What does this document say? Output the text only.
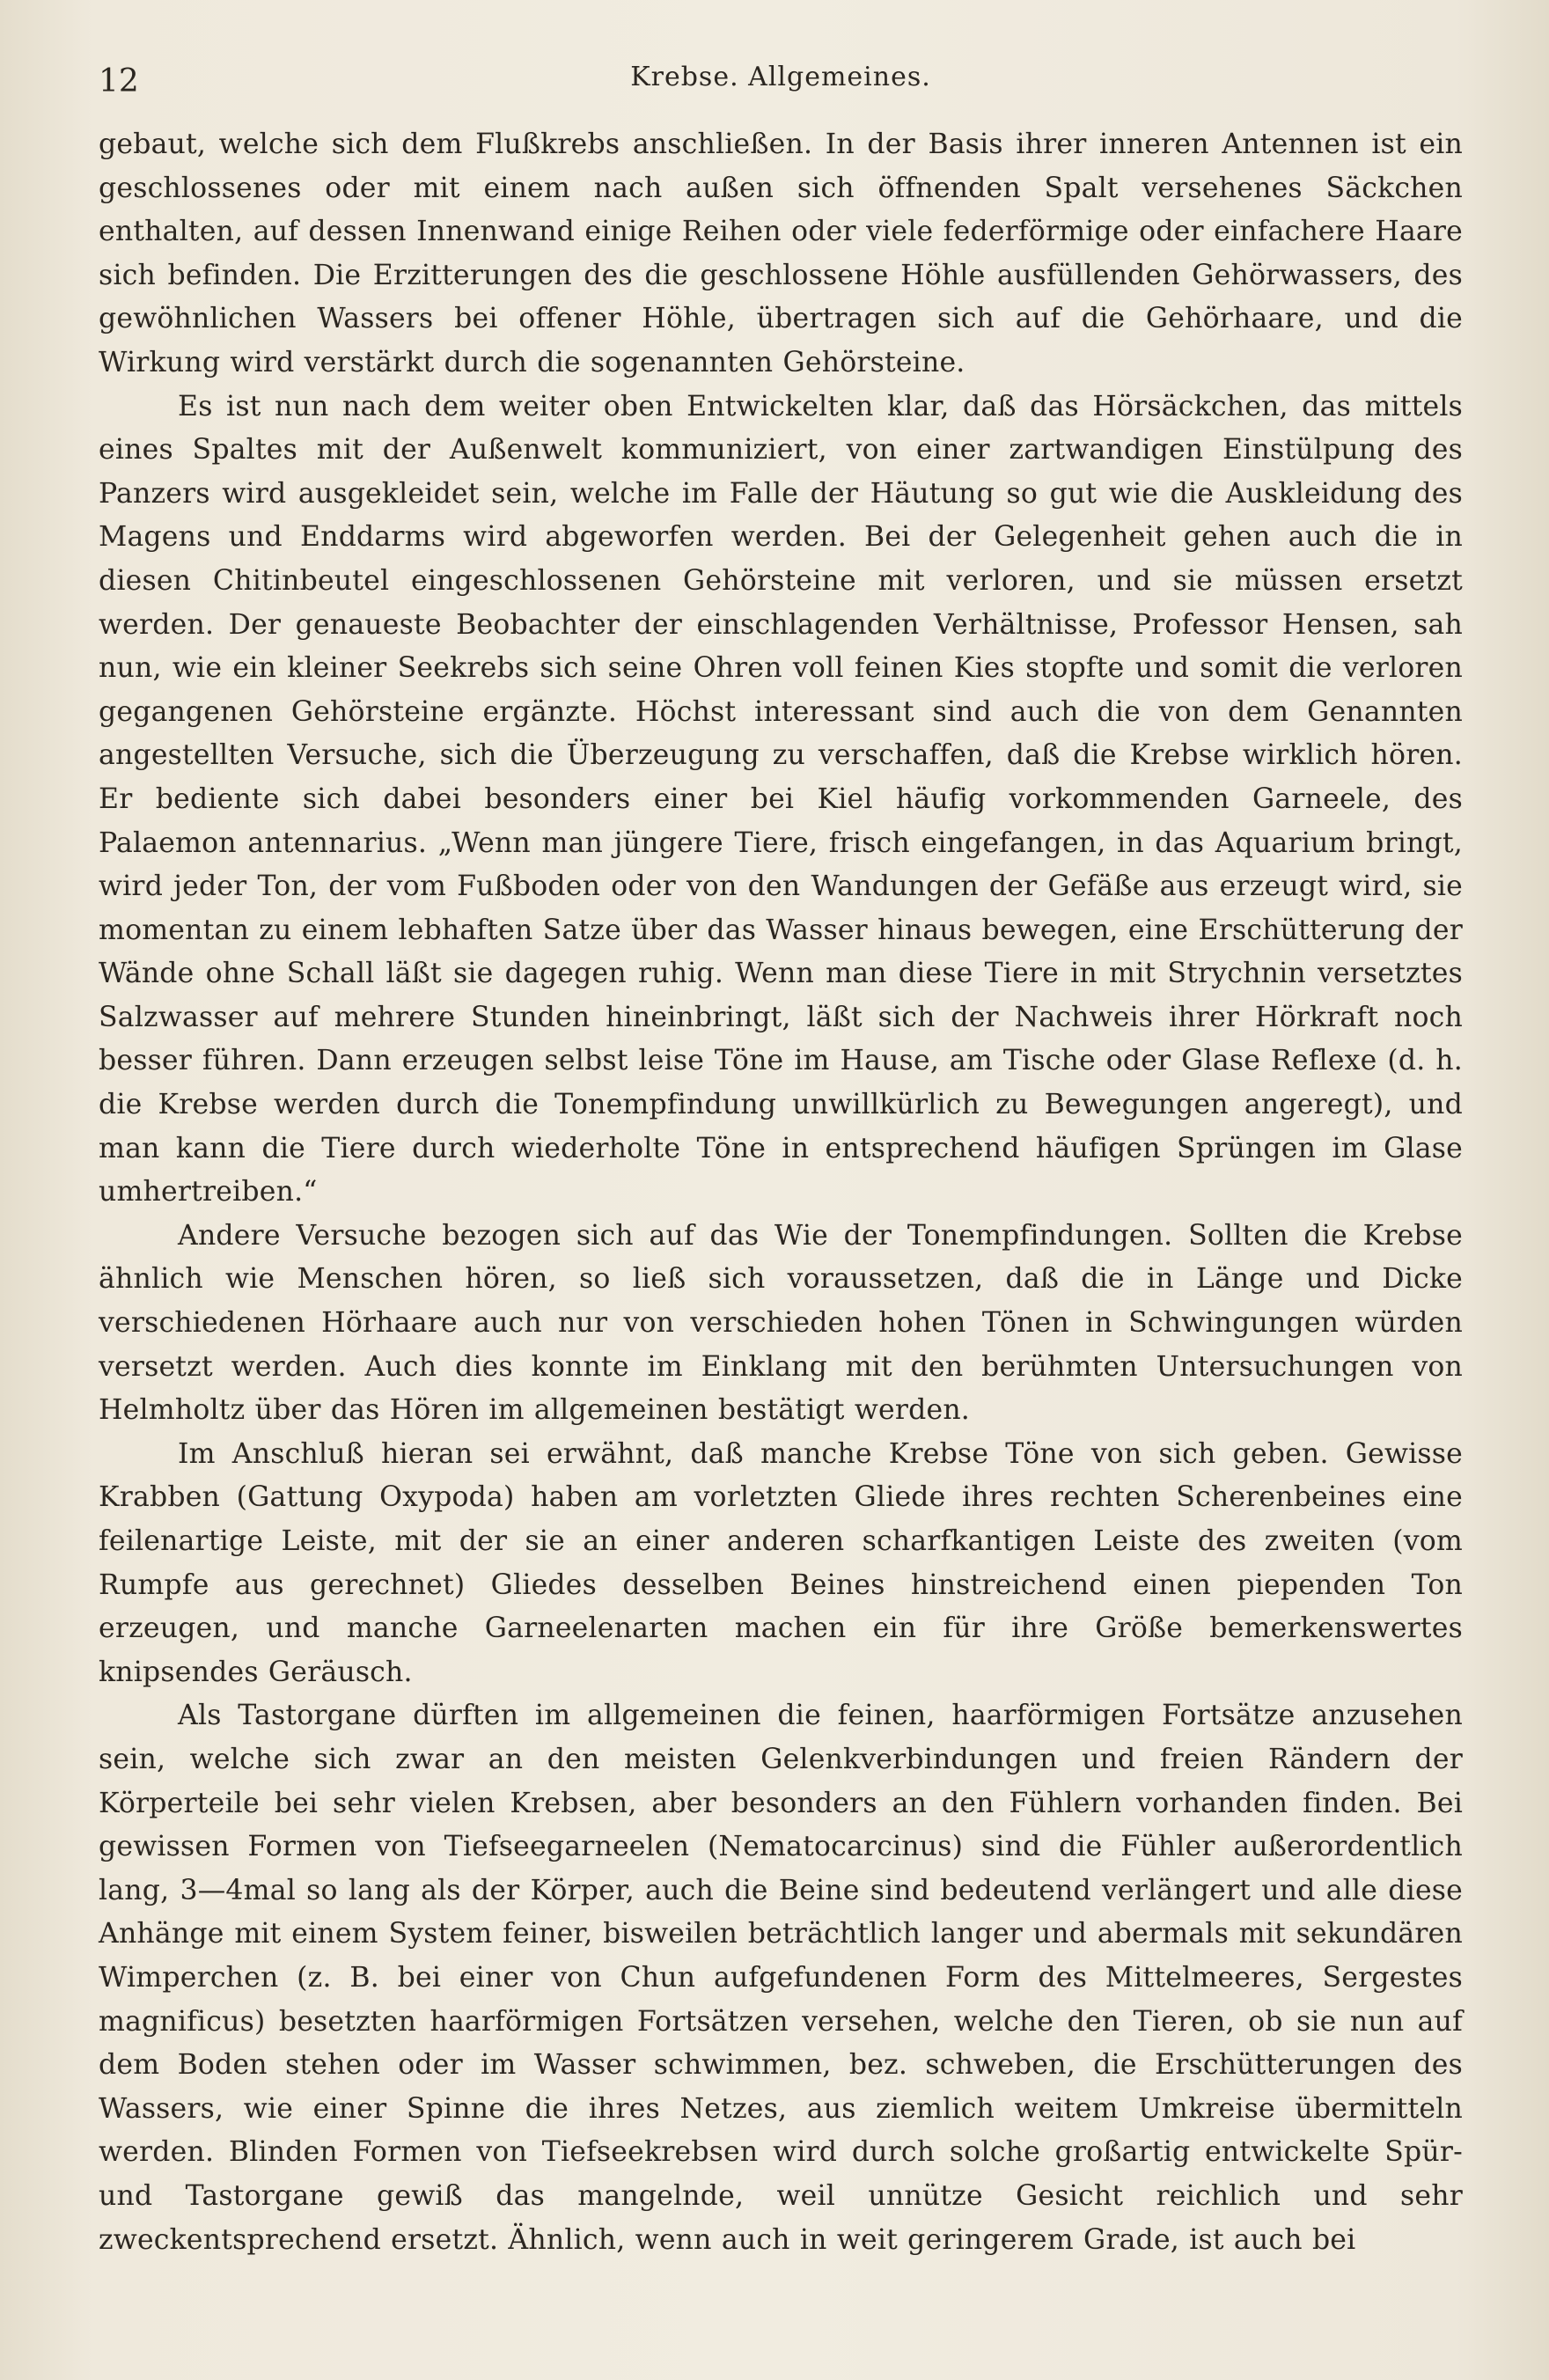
12	Krebse. Allgemeines.

gebaut, welche sich dem Flußkrebs anschließen. In der Basis ihrer inneren Antennen ist ein geschlossenes oder mit einem nach außen sich öffnenden Spalt versehenes Säckchen enthalten, auf dessen Innenwand einige Reihen oder viele federförmige oder einfachere Haare sich befinden. Die Erzitterungen des die geschlossene Höhle ausfüllenden Gehörwassers, des gewöhnlichen Wassers bei offener Höhle, übertragen sich auf die Gehörhaare, und die Wirkung wird verstärkt durch die sogenannten Gehörsteine.

Es ist nun nach dem weiter oben Entwickelten klar, daß das Hörsäckchen, das mittels eines Spaltes mit der Außenwelt kommuniziert, von einer zartwandigen Einstülpung des Panzers wird ausgekleidet sein, welche im Falle der Häutung so gut wie die Auskleidung des Magens und Enddarms wird abgeworfen werden. Bei der Gelegenheit gehen auch die in diesen Chitinbeutel eingeschlossenen Gehörsteine mit verloren, und sie müssen ersetzt werden. Der genaueste Beobachter der einschlagenden Verhältnisse, Professor Hensen, sah nun, wie ein kleiner Seekrebs sich seine Ohren voll feinen Kies stopfte und somit die verloren gegangenen Gehörsteine ergänzte. Höchst interessant sind auch die von dem Genannten angestellten Versuche, sich die Überzeugung zu verschaffen, daß die Krebse wirklich hören. Er bediente sich dabei besonders einer bei Kiel häufig vorkommenden Garneele, des Palaemon antennarius. „Wenn man jüngere Tiere, frisch eingefangen, in das Aquarium bringt, wird jeder Ton, der vom Fußboden oder von den Wandungen der Gefäße aus erzeugt wird, sie momentan zu einem lebhaften Satze über das Wasser hinaus bewegen, eine Erschütterung der Wände ohne Schall läßt sie dagegen ruhig. Wenn man diese Tiere in mit Strychnin versetztes Salzwasser auf mehrere Stunden hineinbringt, läßt sich der Nachweis ihrer Hörkraft noch besser führen. Dann erzeugen selbst leise Töne im Hause, am Tische oder Glase Reflexe (d. h. die Krebse werden durch die Tonempfindung unwillkürlich zu Bewegungen angeregt), und man kann die Tiere durch wiederholte Töne in entsprechend häufigen Sprüngen im Glase umhertreiben.“

Andere Versuche bezogen sich auf das Wie der Tonempfindungen. Sollten die Krebse ähnlich wie Menschen hören, so ließ sich voraussetzen, daß die in Länge und Dicke verschiedenen Hörhaare auch nur von verschieden hohen Tönen in Schwingungen würden versetzt werden. Auch dies konnte im Einklang mit den berühmten Untersuchungen von Helmholtz über das Hören im allgemeinen bestätigt werden.

Im Anschluß hieran sei erwähnt, daß manche Krebse Töne von sich geben. Gewisse Krabben (Gattung Oxypoda) haben am vorletzten Gliede ihres rechten Scherenbeines eine feilenartige Leiste, mit der sie an einer anderen scharfkantigen Leiste des zweiten (vom Rumpfe aus gerechnet) Gliedes desselben Beines hinstreichend einen piependen Ton erzeugen, und manche Garneelenarten machen ein für ihre Größe bemerkenswertes knipsendes Geräusch.

Als Tastorgane dürften im allgemeinen die feinen, haarförmigen Fortsätze anzusehen sein, welche sich zwar an den meisten Gelenkverbindungen und freien Rändern der Körperteile bei sehr vielen Krebsen, aber besonders an den Fühlern vorhanden finden. Bei gewissen Formen von Tiefseegarneelen (Nematocarcinus) sind die Fühler außerordentlich lang, 3—4mal so lang als der Körper, auch die Beine sind bedeutend verlängert und alle diese Anhänge mit einem System feiner, bisweilen beträchtlich langer und abermals mit sekundären Wimperchen (z. B. bei einer von Chun aufgefundenen Form des Mittelmeeres, Sergestes magnificus) besetzten haarförmigen Fortsätzen versehen, welche den Tieren, ob sie nun auf dem Boden stehen oder im Wasser schwimmen, bez. schweben, die Erschütterungen des Wassers, wie einer Spinne die ihres Netzes, aus ziemlich weitem Umkreise übermitteln werden. Blinden Formen von Tiefseekrebsen wird durch solche großartig entwickelte Spür- und Tastorgane gewiß das mangelnde, weil unnütze Gesicht reichlich und sehr zweckentsprechend ersetzt. Ähnlich, wenn auch in weit geringerem Grade, ist auch bei
